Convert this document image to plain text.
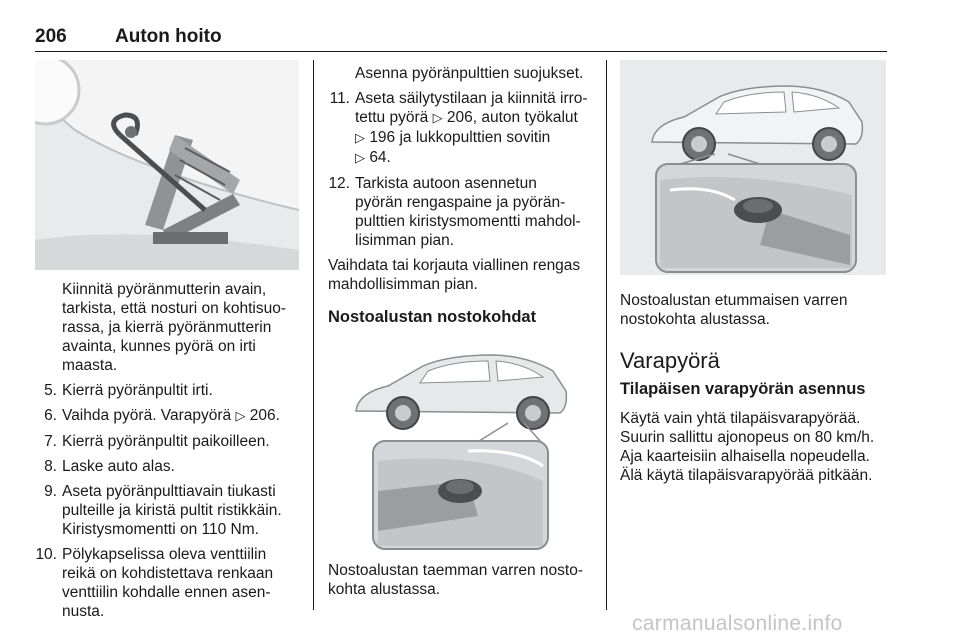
206	Auton hoito
Kiinnitä pyöränmutterin avain,
tarkista, että nosturi on kohtisuo-
rassa, ja kierrä pyöränmutterin
avainta, kunnes pyörä on irti
maasta.
5. Kierrä pyöränpultit irti.
6. Vaihda pyörä. Varapyörä ▷ 206.
7. Kierrä pyöränpultit paikoilleen.
8. Laske auto alas.
9. Aseta pyöränpulttiavain tiukasti
pulteille ja kiristä pultit ristikkäin.
Kiristysmomentti on 110 Nm.
10. Pölykapselissa oleva venttiilin
reikä on kohdistettava renkaan
venttiilin kohdalle ennen asen-
nusta.
Asenna pyöränpulttien suojukset.
11. Aseta säilytystilaan ja kiinnitä irro-
tettu pyörä ▷ 206, auton työkalut
▷ 196 ja lukkopulttien sovitin
▷ 64.
12. Tarkista autoon asennetun
pyörän rengaspaine ja pyörän-
pulttien kiristysmomentti mahdol-
lisimman pian.
Vaihdata tai korjauta viallinen rengas
mahdollisimman pian.
Nostoalustan nostokohdat
Nostoalustan taemman varren nosto-
kohta alustassa.
Nostoalustan etummaisen varren
nostokohta alustassa.
Varapyörä
Tilapäisen varapyörän asennus
Käytä vain yhtä tilapäisvarapyörää.
Suurin sallittu ajonopeus on 80 km/h.
Aja kaarteisiin alhaisella nopeudella.
Älä käytä tilapäisvarapyörää pitkään.
carmanualsonline.info
